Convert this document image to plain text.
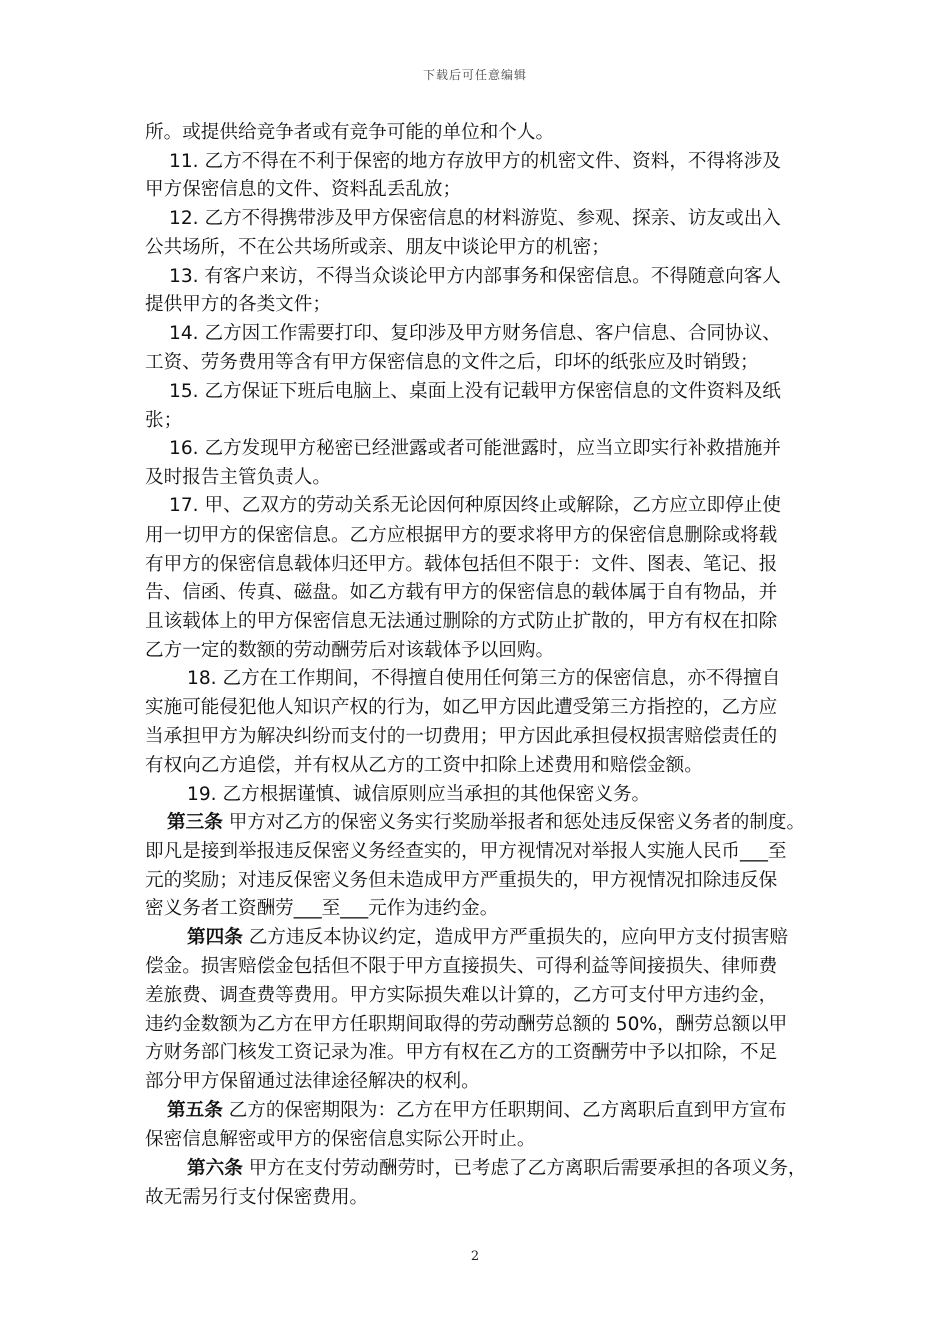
下载后可任意编辑
所。或提供给竞争者或有竞争可能的单位和个人。
11. 乙方不得在不利于保密的地方存放甲方的机密文件、资料，不得将涉及
甲方保密信息的文件、资料乱丢乱放；
12. 乙方不得携带涉及甲方保密信息的材料游览、参观、探亲、访友或出入
公共场所，不在公共场所或亲、朋友中谈论甲方的机密；
13. 有客户来访，不得当众谈论甲方内部事务和保密信息。不得随意向客人
提供甲方的各类文件；
14. 乙方因工作需要打印、复印涉及甲方财务信息、客户信息、合同协议、
工资、劳务费用等含有甲方保密信息的文件之后，印坏的纸张应及时销毁；
15. 乙方保证下班后电脑上、桌面上没有记载甲方保密信息的文件资料及纸
张；
16. 乙方发现甲方秘密已经泄露或者可能泄露时，应当立即实行补救措施并
及时报告主管负责人。
17. 甲、乙双方的劳动关系无论因何种原因终止或解除，乙方应立即停止使
用一切甲方的保密信息。乙方应根据甲方的要求将甲方的保密信息删除或将载
有甲方的保密信息载体归还甲方。载体包括但不限于：文件、图表、笔记、报
告、信函、传真、磁盘。如乙方载有甲方的保密信息的载体属于自有物品，并
且该载体上的甲方保密信息无法通过删除的方式防止扩散的，甲方有权在扣除
乙方一定的数额的劳动酬劳后对该载体予以回购。
18. 乙方在工作期间，不得擅自使用任何第三方的保密信息，亦不得擅自
实施可能侵犯他人知识产权的行为，如乙甲方因此遭受第三方指控的，乙方应
当承担甲方为解决纠纷而支付的一切费用；甲方因此承担侵权损害赔偿责任的
有权向乙方追偿，并有权从乙方的工资中扣除上述费用和赔偿金额。
19. 乙方根据谨慎、诚信原则应当承担的其他保密义务。
第三条 甲方对乙方的保密义务实行奖励举报者和惩处违反保密义务者的制度。
即凡是接到举报违反保密义务经查实的，甲方视情况对举报人实施人民币___至
元的奖励；对违反保密义务但未造成甲方严重损失的，甲方视情况扣除违反保
密义务者工资酬劳___至___元作为违约金。
第四条 乙方违反本协议约定，造成甲方严重损失的，应向甲方支付损害赔
偿金。损害赔偿金包括但不限于甲方直接损失、可得利益等间接损失、律师费
差旅费、调查费等费用。甲方实际损失难以计算的，乙方可支付甲方违约金，
违约金数额为乙方在甲方任职期间取得的劳动酬劳总额的 50%，酬劳总额以甲
方财务部门核发工资记录为准。甲方有权在乙方的工资酬劳中予以扣除，不足
部分甲方保留通过法律途径解决的权利。
第五条 乙方的保密期限为：乙方在甲方任职期间、乙方离职后直到甲方宣布
保密信息解密或甲方的保密信息实际公开时止。
第六条 甲方在支付劳动酬劳时，已考虑了乙方离职后需要承担的各项义务，
故无需另行支付保密费用。
2
